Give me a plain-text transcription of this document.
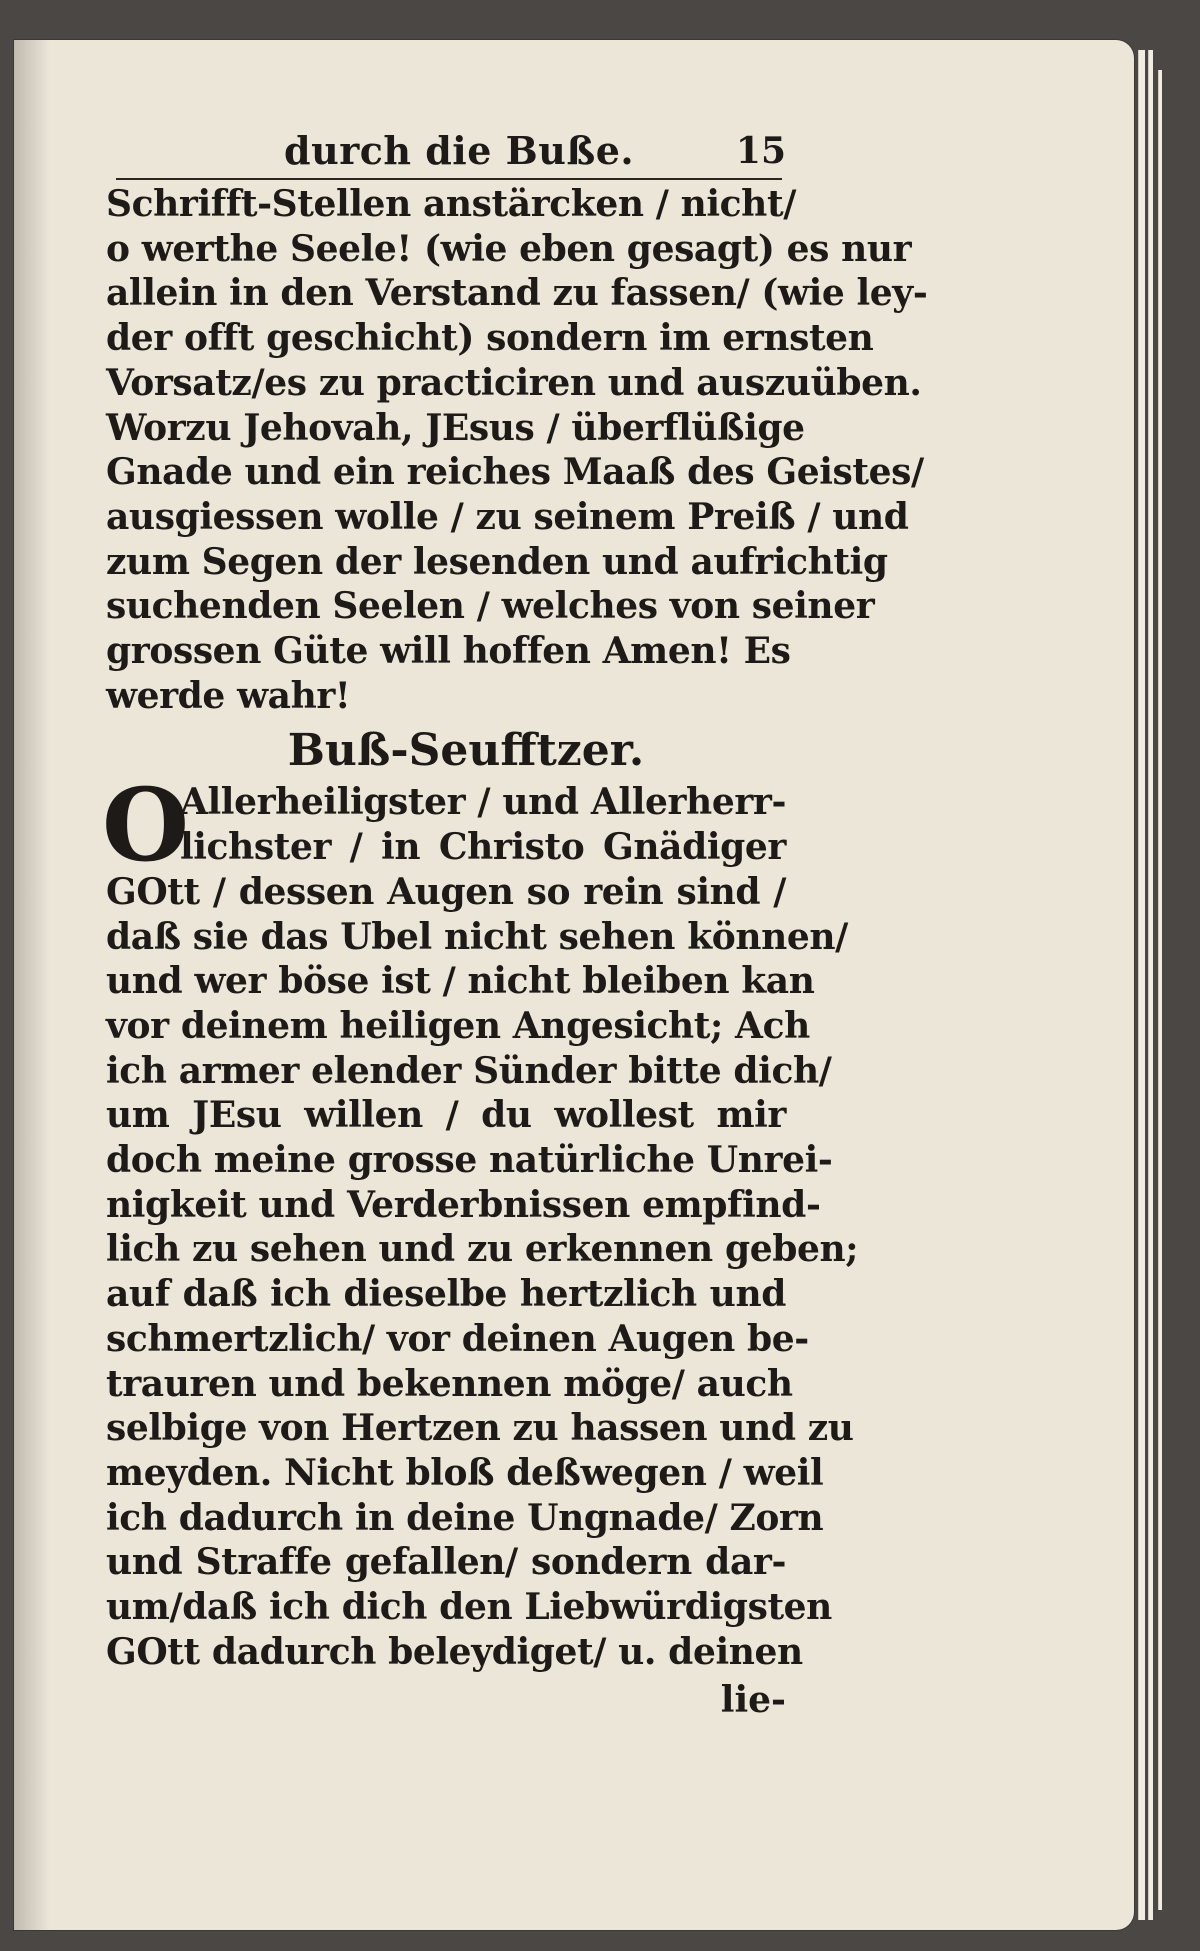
durch die Buße.	15
Schrifft-Stellen anstärcken / nicht/
o werthe Seele! (wie eben gesagt) es nur
allein in den Verstand zu fassen/ (wie ley-
der offt geschicht) sondern im ernsten
Vorsatz/es zu practiciren und auszuüben.
Worzu Jehovah, JEsus / überflüßige
Gnade und ein reiches Maaß des Geistes/
ausgiessen wolle / zu seinem Preiß / und
zum Segen der lesenden und aufrichtig
suchenden Seelen / welches von seiner
grossen Güte will hoffen Amen! Es
werde wahr!
Buß-Seufftzer.
O
Allerheiligster / und Allerherr-
lichster / in Christo Gnädiger
GOtt / dessen Augen so rein sind /
daß sie das Ubel nicht sehen können/
und wer böse ist / nicht bleiben kan
vor deinem heiligen Angesicht; Ach
ich armer elender Sünder bitte dich/
um JEsu willen / du wollest mir
doch meine grosse natürliche Unrei-
nigkeit und Verderbnissen empfind-
lich zu sehen und zu erkennen geben;
auf daß ich dieselbe hertzlich und
schmertzlich/ vor deinen Augen be-
trauren und bekennen möge/ auch
selbige von Hertzen zu hassen und zu
meyden. Nicht bloß deßwegen / weil
ich dadurch in deine Ungnade/ Zorn
und Straffe gefallen/ sondern dar-
um/daß ich dich den Liebwürdigsten
GOtt dadurch beleydiget/ u. deinen
lie-
